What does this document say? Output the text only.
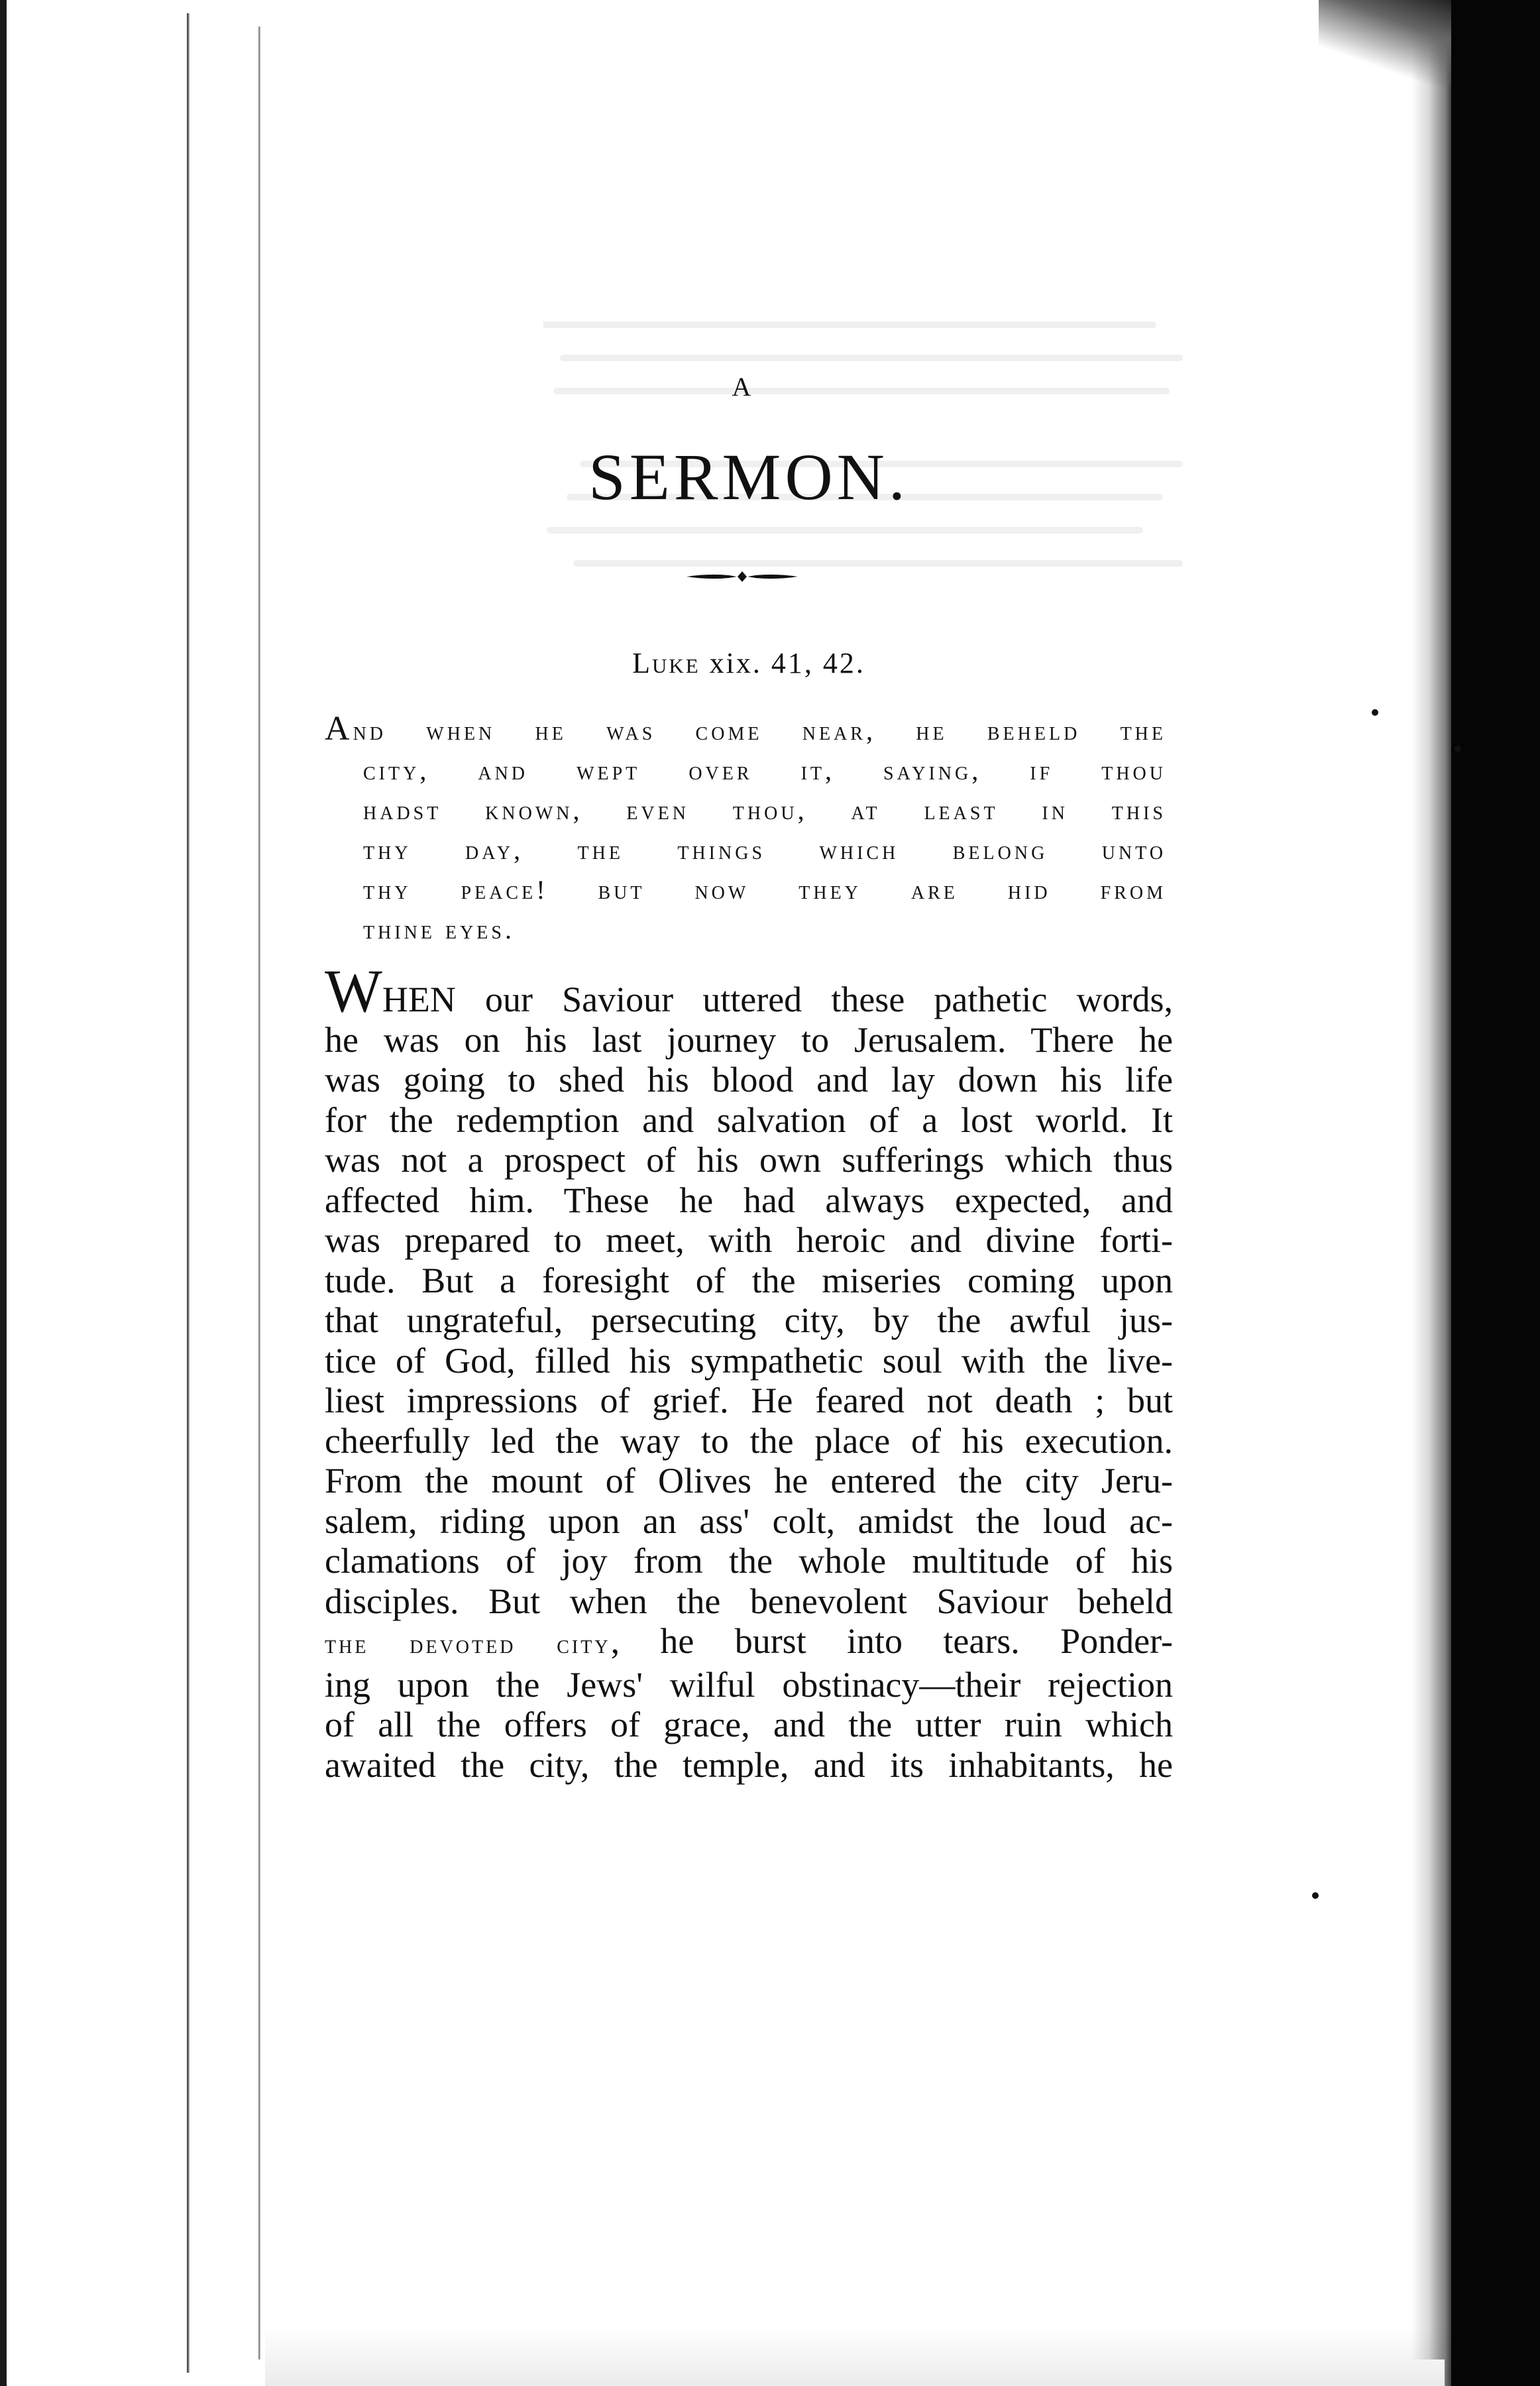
A
SERMON.
Luke xix. 41, 42.
And when he was come near, he beheld the
city, and wept over it, saying, if thou
hadst known, even thou, at least in this
thy day, the things which belong unto
thy peace! but now they are hid from
thine eyes.
WHEN our Saviour uttered these pathetic words,
he was on his last journey to Jerusalem. There he
was going to shed his blood and lay down his life
for the redemption and salvation of a lost world. It
was not a prospect of his own sufferings which thus
affected him. These he had always expected, and
was prepared to meet, with heroic and divine forti-
tude. But a foresight of the miseries coming upon
that ungrateful, persecuting city, by the awful jus-
tice of God, filled his sympathetic soul with the live-
liest impressions of grief. He feared not death ; but
cheerfully led the way to the place of his execution.
From the mount of Olives he entered the city Jeru-
salem, riding upon an ass' colt, amidst the loud ac-
clamations of joy from the whole multitude of his
disciples. But when the benevolent Saviour beheld
the devoted city, he burst into tears. Ponder-
ing upon the Jews' wilful obstinacy—their rejection
of all the offers of grace, and the utter ruin which
awaited the city, the temple, and its inhabitants, he
